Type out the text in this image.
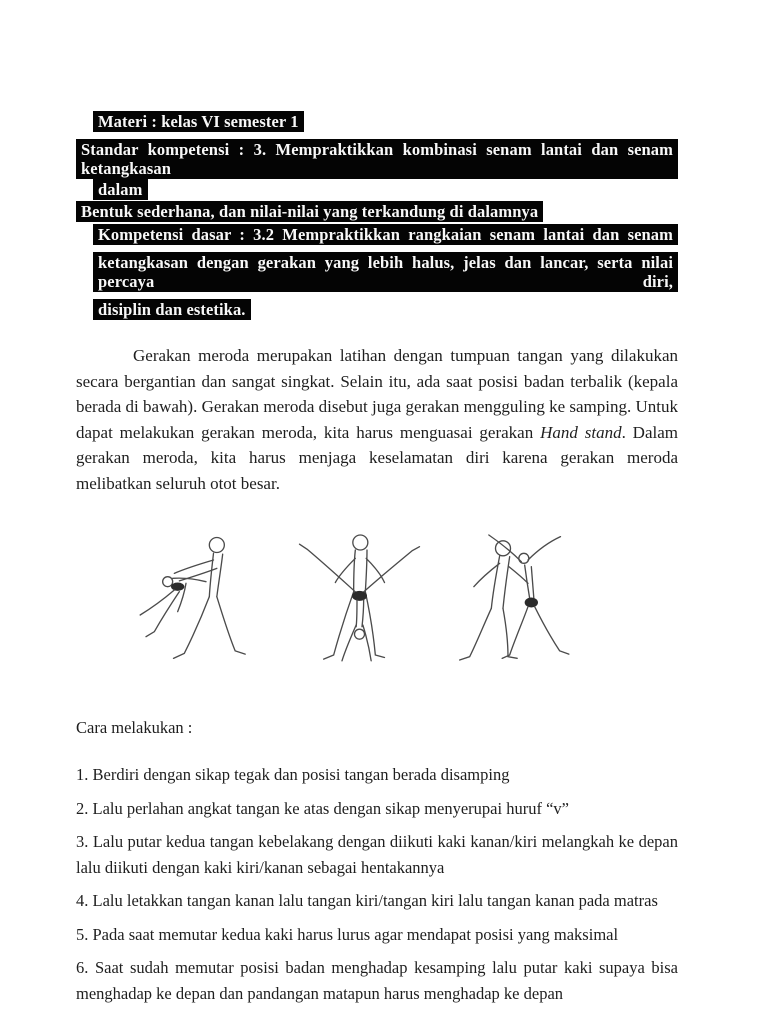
Materi : kelas VI semester 1
Standar kompetensi : 3. Mempraktikkan kombinasi senam lantai dan senam ketangkasan
dalam
Bentuk sederhana, dan nilai-nilai yang terkandung di dalamnya
Kompetensi dasar : 3.2 Mempraktikkan rangkaian senam lantai dan senam
ketangkasan dengan gerakan yang lebih halus, jelas dan lancar, serta nilai percaya diri,
disiplin dan estetika.

Gerakan meroda merupakan latihan dengan tumpuan tangan yang dilakukan secara bergantian dan sangat singkat. Selain itu, ada saat posisi badan terbalik (kepala berada di bawah). Gerakan meroda disebut juga gerakan mengguling ke samping. Untuk dapat melakukan gerakan meroda, kita harus menguasai gerakan Hand stand. Dalam gerakan meroda, kita harus menjaga keselamatan diri karena gerakan meroda melibatkan seluruh otot besar.

Cara melakukan :
1. Berdiri dengan sikap tegak dan posisi tangan berada disamping
2. Lalu perlahan angkat tangan ke atas dengan sikap menyerupai huruf “v”
3. Lalu putar kedua tangan kebelakang dengan diikuti kaki kanan/kiri melangkah ke depan lalu diikuti dengan kaki kiri/kanan sebagai hentakannya
4. Lalu letakkan tangan kanan lalu tangan kiri/tangan kiri lalu tangan kanan pada matras
5. Pada saat memutar kedua kaki harus lurus agar mendapat posisi yang maksimal
6. Saat sudah memutar posisi badan menghadap kesamping lalu putar kaki supaya bisa menghadap ke depan dan pandangan matapun harus menghadap ke depan
